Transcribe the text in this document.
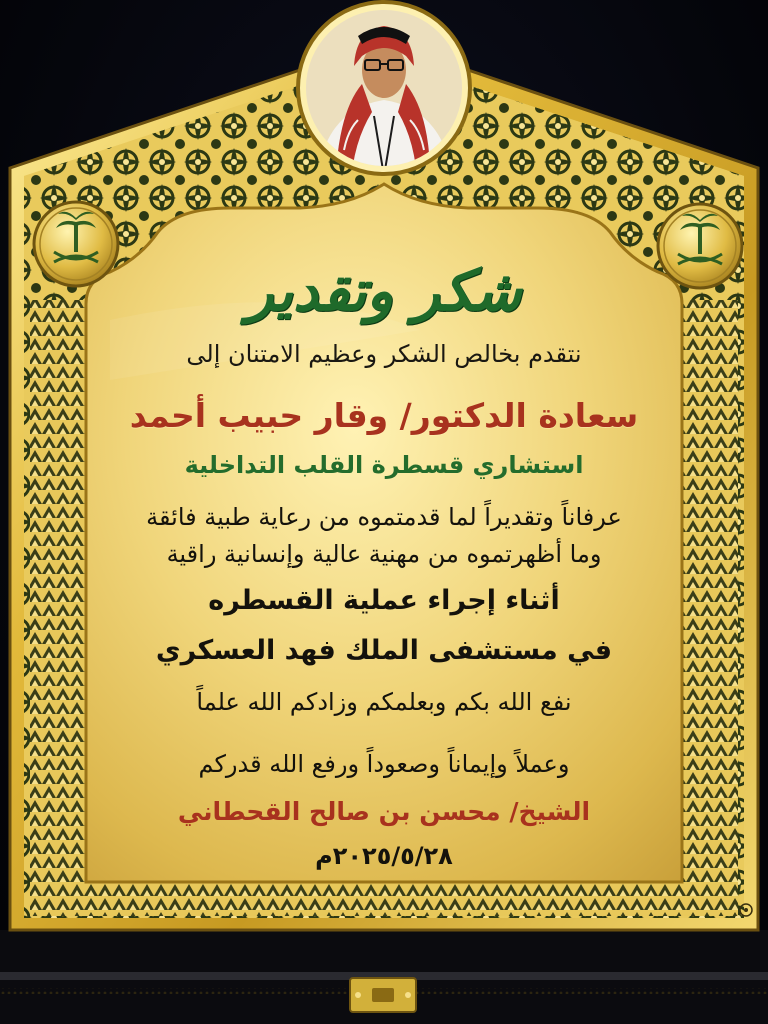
شكر وتقدير
نتقدم بخالص الشكر وعظيم الامتنان إلى
سعادة الدكتور/ وقار حبيب أحمد
استشاري قسطرة القلب التداخلية
عرفاناً وتقديراً لما قدمتموه من رعاية طبية فائقة
وما أظهرتموه من مهنية عالية وإنسانية راقية
أثناء إجراء عملية القسطره
في مستشفى الملك فهد العسكري
نفع الله بكم وبعلمكم وزادكم الله علماً
وعملاً وإيماناً وصعوداً ورفع الله قدركم
الشيخ/ محسن بن صالح القحطاني
٢٠٢٥/٥/٢٨م
